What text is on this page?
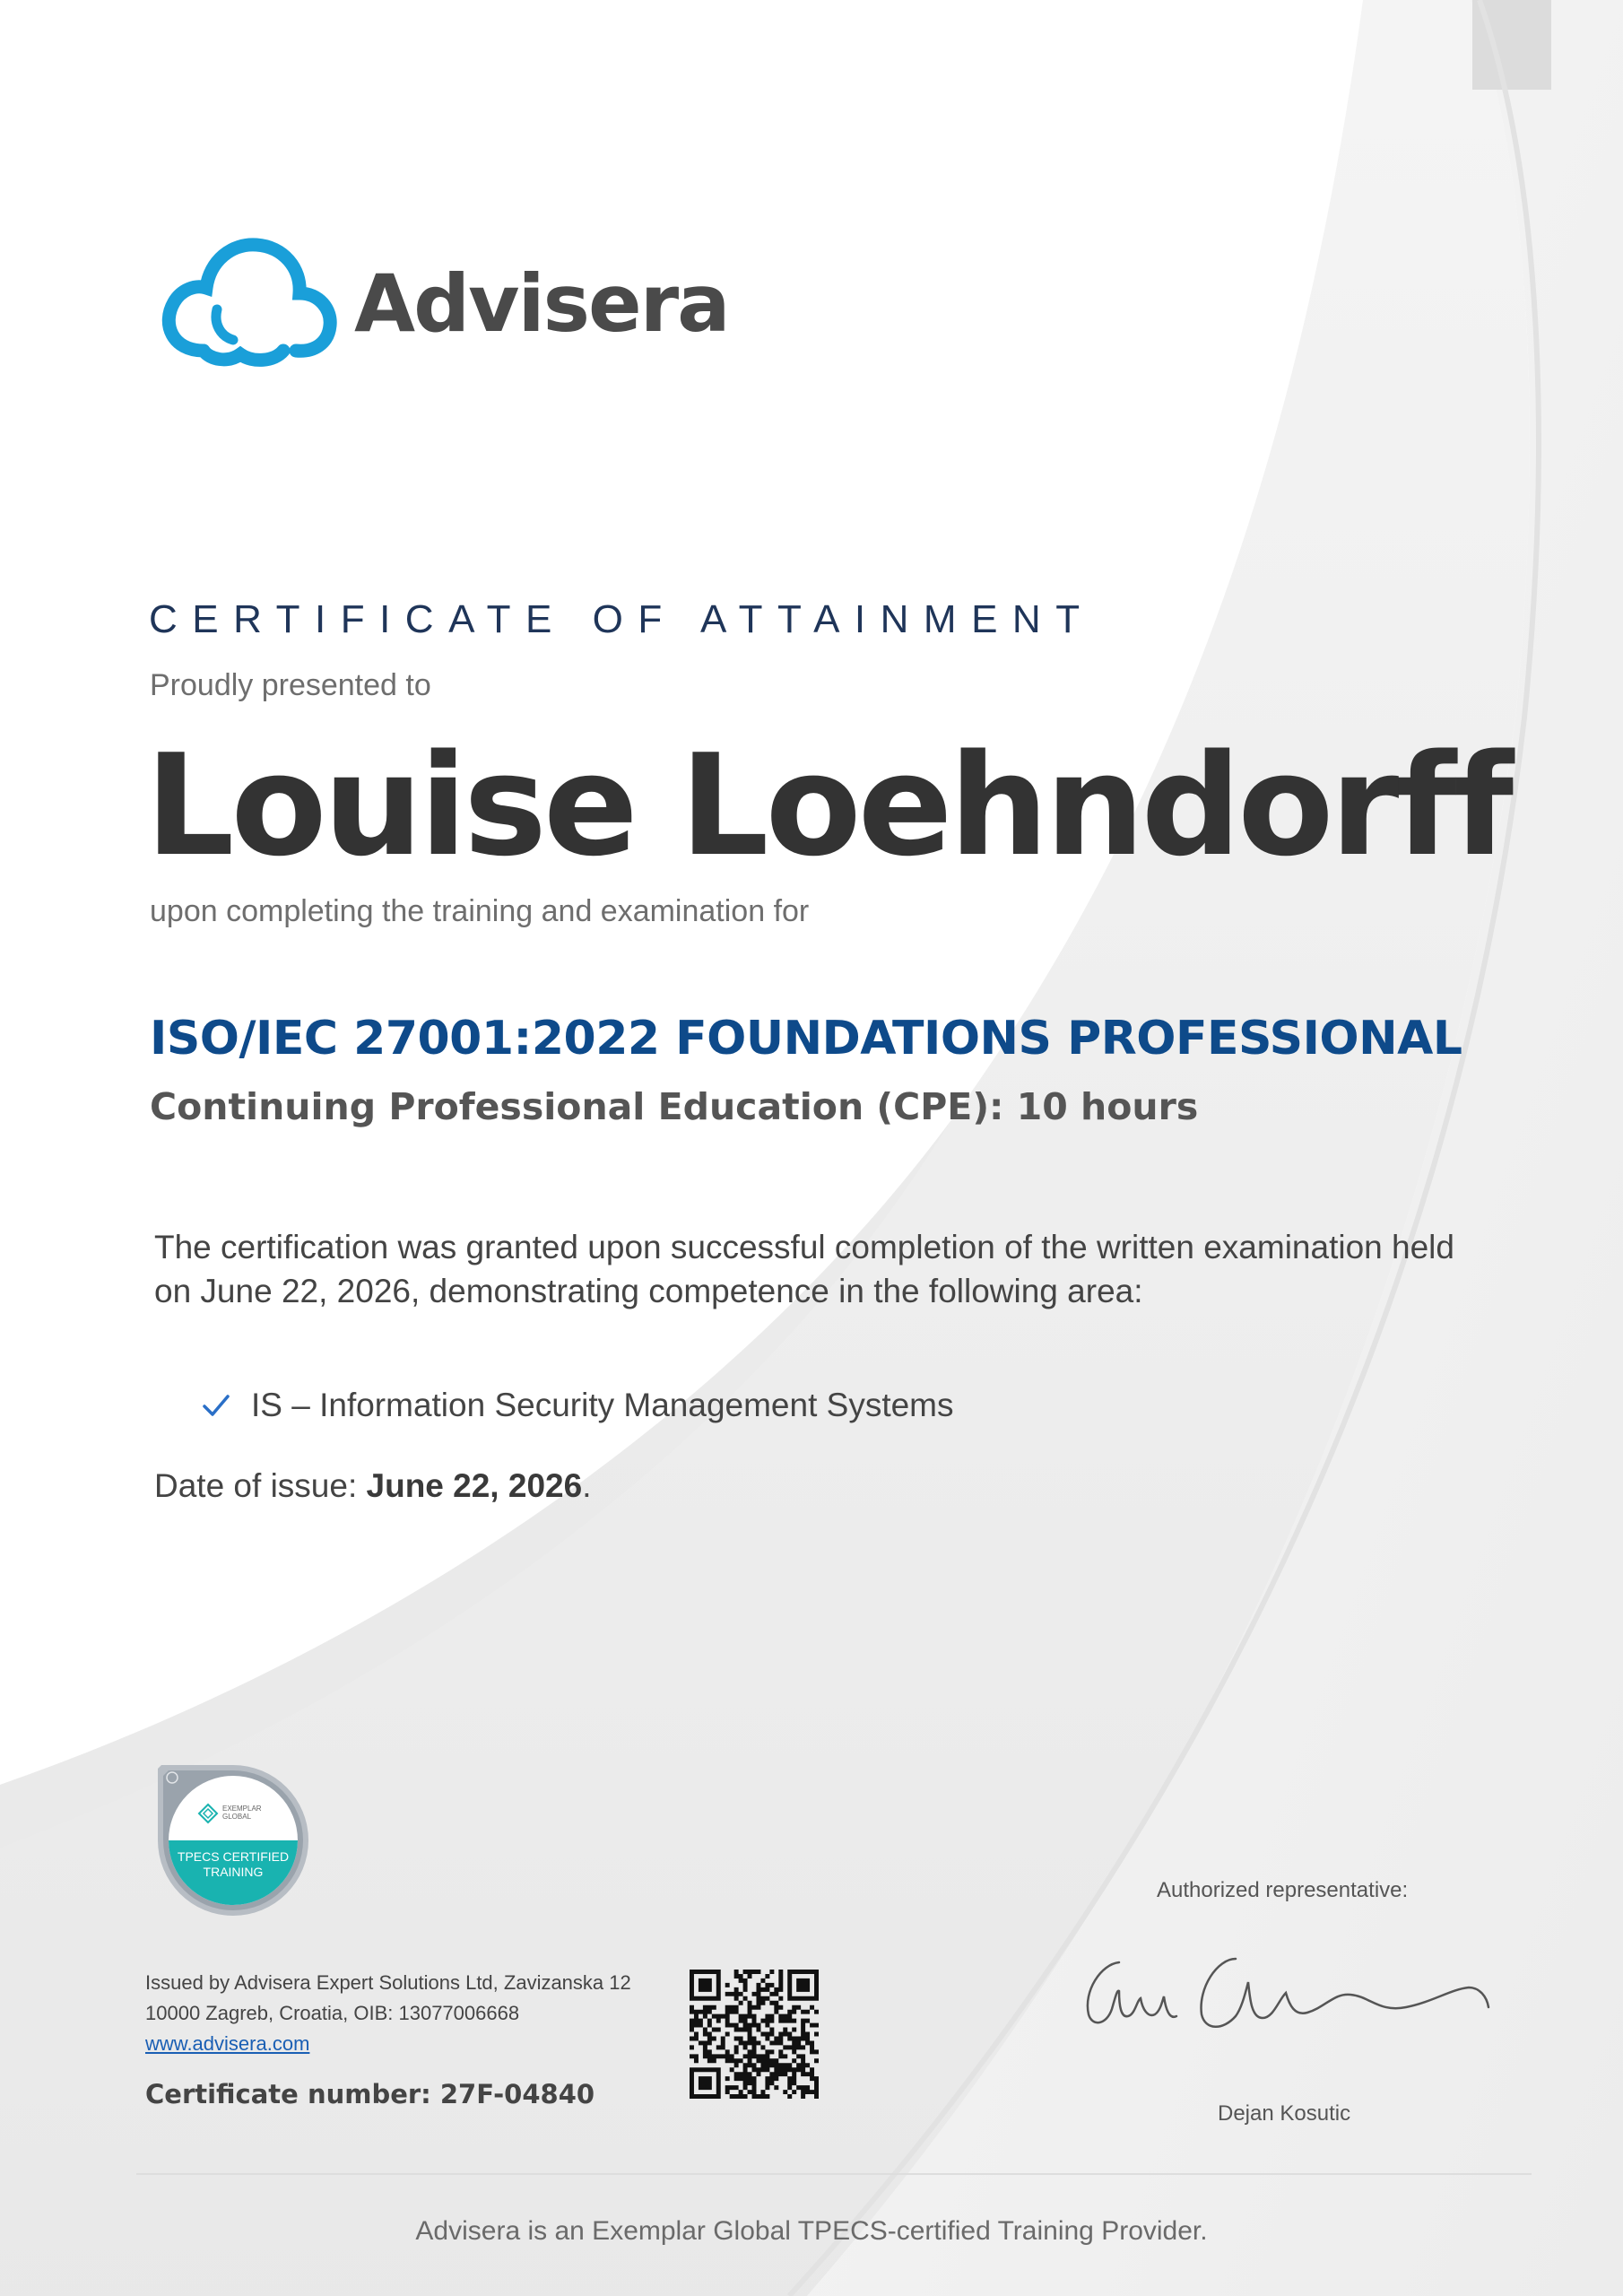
Advisera
CERTIFICATE OF ATTAINMENT
Proudly presented to
Louise Loehndorff
upon completing the training and examination for
ISO/IEC 27001:2022 FOUNDATIONS PROFESSIONAL
Continuing Professional Education (CPE): 10 hours
The certification was granted upon successful completion of the written examination held on June 22, 2026, demonstrating competence in the following area:
IS – Information Security Management Systems
Date of issue: June 22, 2026.
EXEMPLAR
GLOBAL
TPECS CERTIFIED
TRAINING
Issued by Advisera Expert Solutions Ltd, Zavizanska 12
10000 Zagreb, Croatia, OIB: 13077006668
www.advisera.com
Certificate number: 27F-04840
Authorized representative:
Dejan Kosutic
Advisera is an Exemplar Global TPECS-certified Training Provider.
